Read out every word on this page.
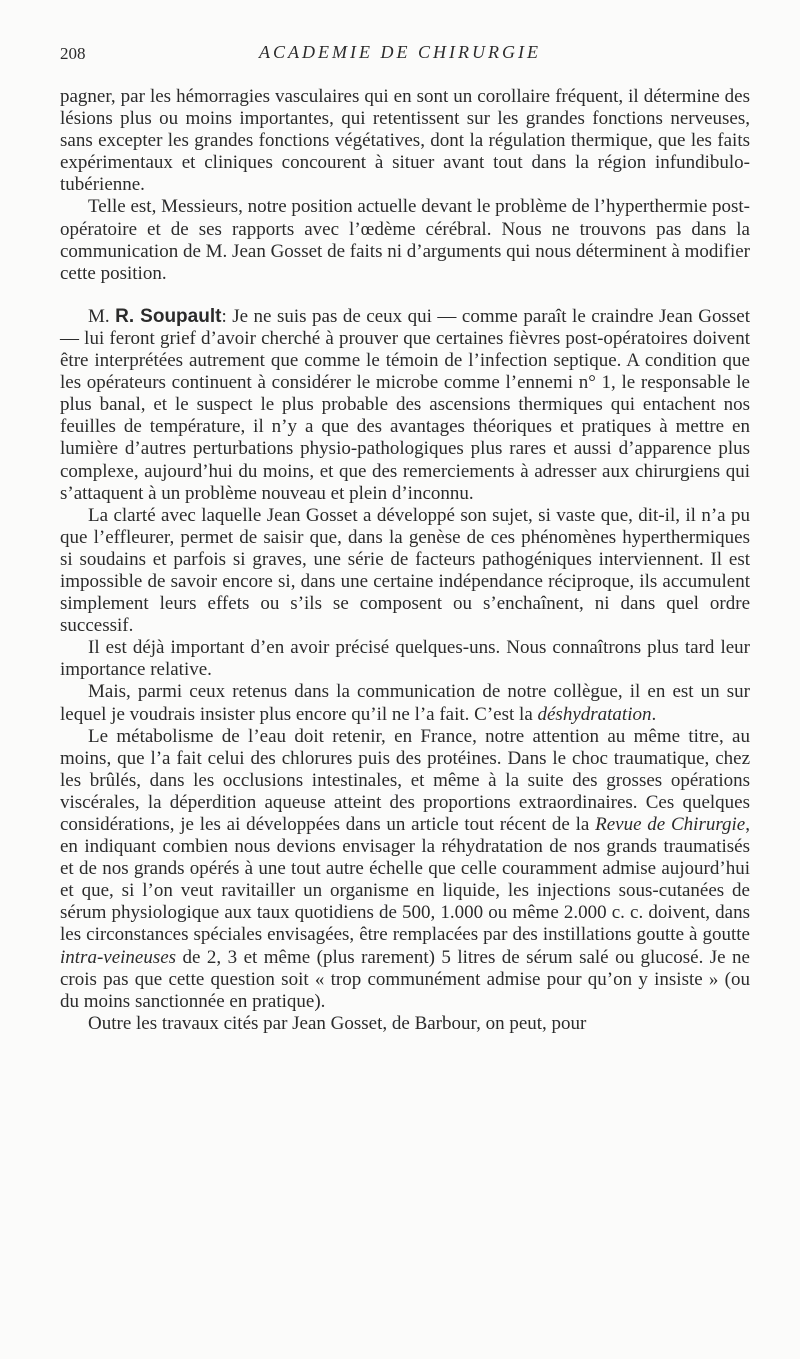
208	ACADEMIE DE CHIRURGIE

pagner, par les hémorragies vasculaires qui en sont un corollaire fréquent, il détermine des lésions plus ou moins importantes, qui retentissent sur les grandes fonctions nerveuses, sans excepter les grandes fonctions végétatives, dont la régulation thermique, que les faits expérimentaux et cliniques concourent à situer avant tout dans la région infundibulo-tubérienne.

Telle est, Messieurs, notre position actuelle devant le problème de l’hyperthermie post-opératoire et de ses rapports avec l’œdème cérébral. Nous ne trouvons pas dans la communication de M. Jean Gosset de faits ni d’arguments qui nous déterminent à modifier cette position.

M. R. Soupault: Je ne suis pas de ceux qui — comme paraît le craindre Jean Gosset — lui feront grief d’avoir cherché à prouver que certaines fièvres post-opératoires doivent être interprétées autrement que comme le témoin de l’infection septique. A condition que les opérateurs continuent à considérer le microbe comme l’ennemi n° 1, le responsable le plus banal, et le suspect le plus probable des ascensions thermiques qui entachent nos feuilles de température, il n’y a que des avantages théoriques et pratiques à mettre en lumière d’autres perturbations physio-pathologiques plus rares et aussi d’apparence plus complexe, aujourd’hui du moins, et que des remerciements à adresser aux chirurgiens qui s’attaquent à un problème nouveau et plein d’inconnu.

La clarté avec laquelle Jean Gosset a développé son sujet, si vaste que, dit-il, il n’a pu que l’effleurer, permet de saisir que, dans la genèse de ces phénomènes hyperthermiques si soudains et parfois si graves, une série de facteurs pathogéniques interviennent. Il est impossible de savoir encore si, dans une certaine indépendance réciproque, ils accumulent simplement leurs effets ou s’ils se composent ou s’enchaînent, ni dans quel ordre successif.

Il est déjà important d’en avoir précisé quelques-uns. Nous connaîtrons plus tard leur importance relative.

Mais, parmi ceux retenus dans la communication de notre collègue, il en est un sur lequel je voudrais insister plus encore qu’il ne l’a fait. C’est la déshydratation.

Le métabolisme de l’eau doit retenir, en France, notre attention au même titre, au moins, que l’a fait celui des chlorures puis des protéines. Dans le choc traumatique, chez les brûlés, dans les occlusions intestinales, et même à la suite des grosses opérations viscérales, la déperdition aqueuse atteint des proportions extraordinaires. Ces quelques considérations, je les ai développées dans un article tout récent de la Revue de Chirurgie, en indiquant combien nous devions envisager la réhydratation de nos grands traumatisés et de nos grands opérés à une tout autre échelle que celle couramment admise aujourd’hui et que, si l’on veut ravitailler un organisme en liquide, les injections sous-cutanées de sérum physiologique aux taux quotidiens de 500, 1.000 ou même 2.000 c. c. doivent, dans les circonstances spéciales envisagées, être remplacées par des instillations goutte à goutte intra-veineuses de 2, 3 et même (plus rarement) 5 litres de sérum salé ou glucosé. Je ne crois pas que cette question soit « trop communément admise pour qu’on y insiste » (ou du moins sanctionnée en pratique).

Outre les travaux cités par Jean Gosset, de Barbour, on peut, pour
